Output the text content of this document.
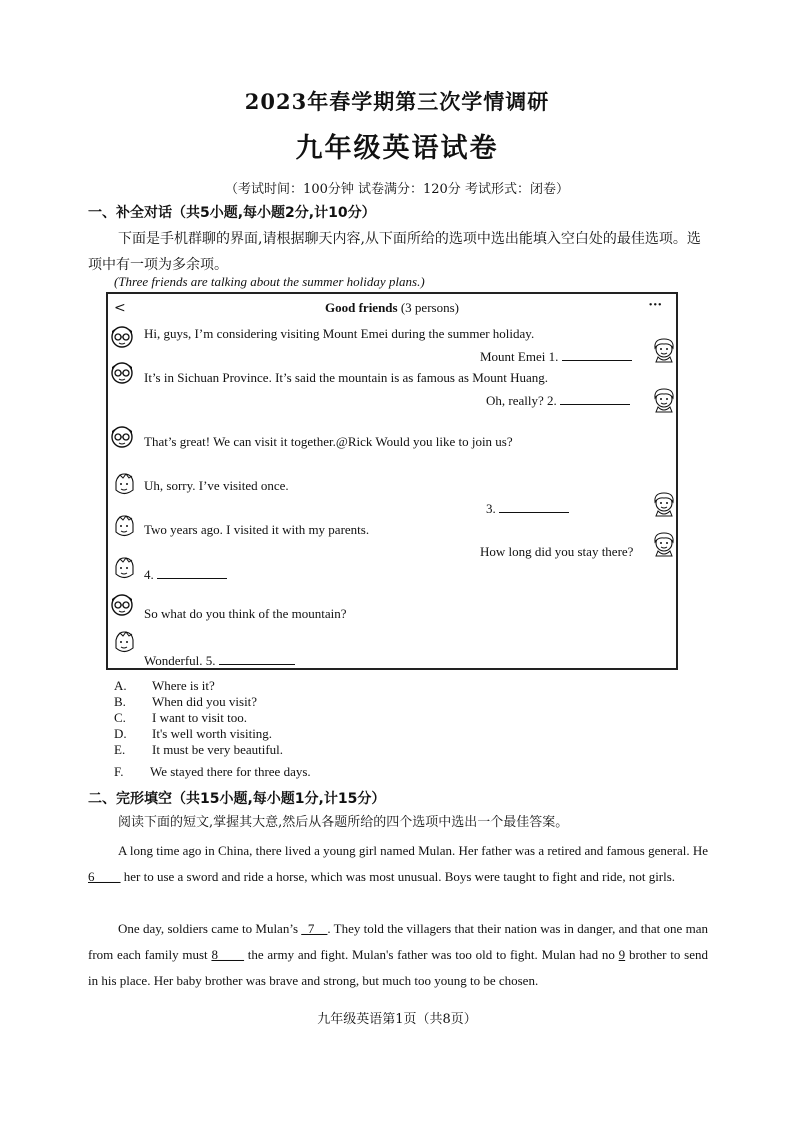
2023年春学期第三次学情调研
九年级英语试卷
（考试时间：100分钟 试卷满分：120分 考试形式：闭卷）
一、补全对话（共5小题,每小题2分,计10分）
下面是手机群聊的界面,请根据聊天内容,从下面所给的选项中选出能填入空白处的最佳选项。选项中有一项为多余项。
(Three friends are talking about the summer holiday plans.)
<	Good friends (3 persons)	···
Hi, guys, I’m considering visiting Mount Emei during the summer holiday.
Mount Emei 1.
It’s in Sichuan Province. It’s said the mountain is as famous as Mount Huang.
Oh, really? 2.
That’s great! We can visit it together.@Rick Would you like to join us?
Uh, sorry. I’ve visited once.
3.
Two years ago. I visited it with my parents.
How long did you stay there?
4.
So what do you think of the mountain?
Wonderful. 5.
A. Where is it?
B. When did you visit?
C. I want to visit too.
D. It's well worth visiting.
E. It must be very beautiful.
F. We stayed there for three days.
二、完形填空（共15小题,每小题1分,计15分）
阅读下面的短文,掌握其大意,然后从各题所给的四个选项中选出一个最佳答案。
A long time ago in China, there lived a young girl named Mulan. Her father was a retired and famous general. He 6____ her to use a sword and ride a horse, which was most unusual. Boys were taught to fight and ride, not girls.
One day, soldiers came to Mulan’s _7__. They told the villagers that their nation was in danger, and that one man from each family must 8____ the army and fight. Mulan's father was too old to fight. Mulan had no 9 brother to send in his place. Her baby brother was brave and strong, but much too young to be chosen.
九年级英语第1页（共8页）
